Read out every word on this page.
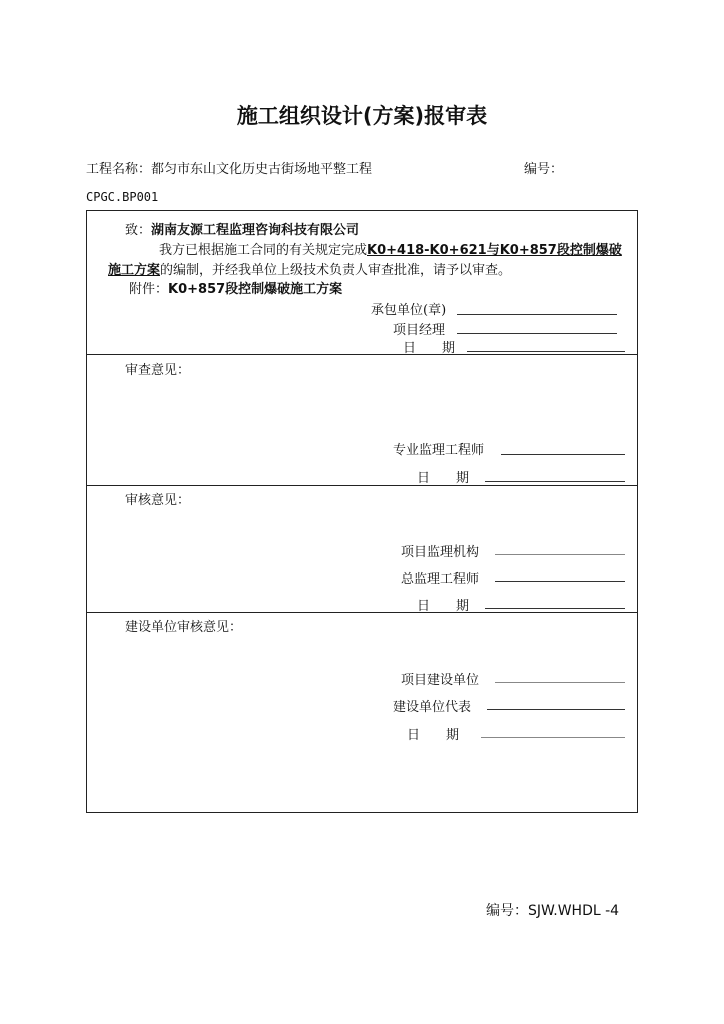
施工组织设计(方案)报审表
工程名称：都匀市东山文化历史古街场地平整工程	编号：
CPGC.BP001
致：湖南友源工程监理咨询科技有限公司
我方已根据施工合同的有关规定完成K0+418-K0+621与K0+857段控制爆破
施工方案的编制，并经我单位上级技术负责人审查批准，请予以审查。
附件：K0+857段控制爆破施工方案
承包单位(章)
项目经理
日　　期
审查意见：
专业监理工程师
日　　期
审核意见：
项目监理机构
总监理工程师
日　　期
建设单位审核意见：
项目建设单位
建设单位代表
日　　期
编号：SJW.WHDL -4
